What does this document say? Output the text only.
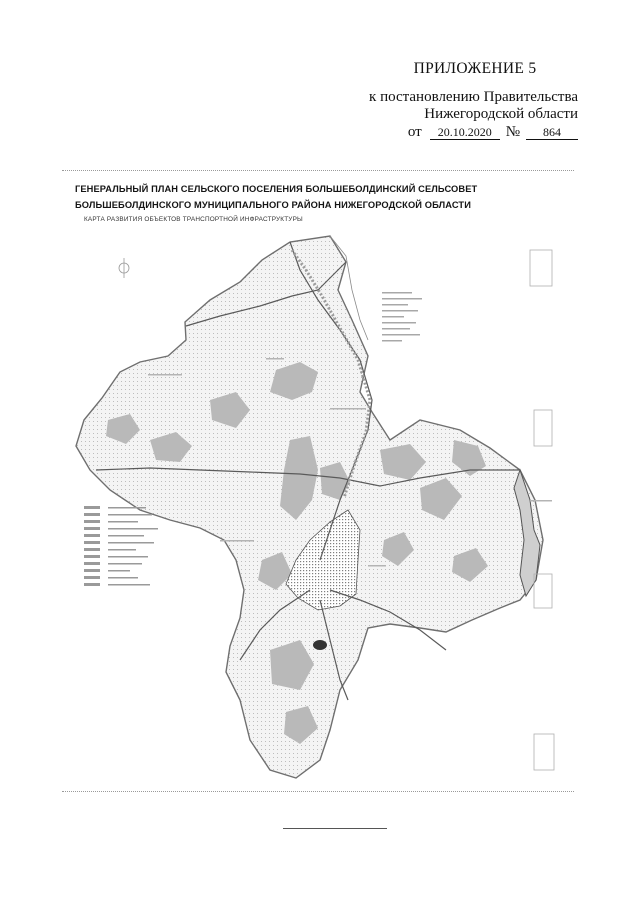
ПРИЛОЖЕНИЕ 5
к постановлению Правительства
Нижегородской области
от 20.10.2020 № 864
ГЕНЕРАЛЬНЫЙ ПЛАН СЕЛЬСКОГО ПОСЕЛЕНИЯ БОЛЬШЕБОЛДИНСКИЙ СЕЛЬСОВЕТ
БОЛЬШЕБОЛДИНСКОГО МУНИЦИПАЛЬНОГО РАЙОНА НИЖЕГОРОДСКОЙ ОБЛАСТИ
КАРТА РАЗВИТИЯ ОБЪЕКТОВ ТРАНСПОРТНОЙ ИНФРАСТРУКТУРЫ
